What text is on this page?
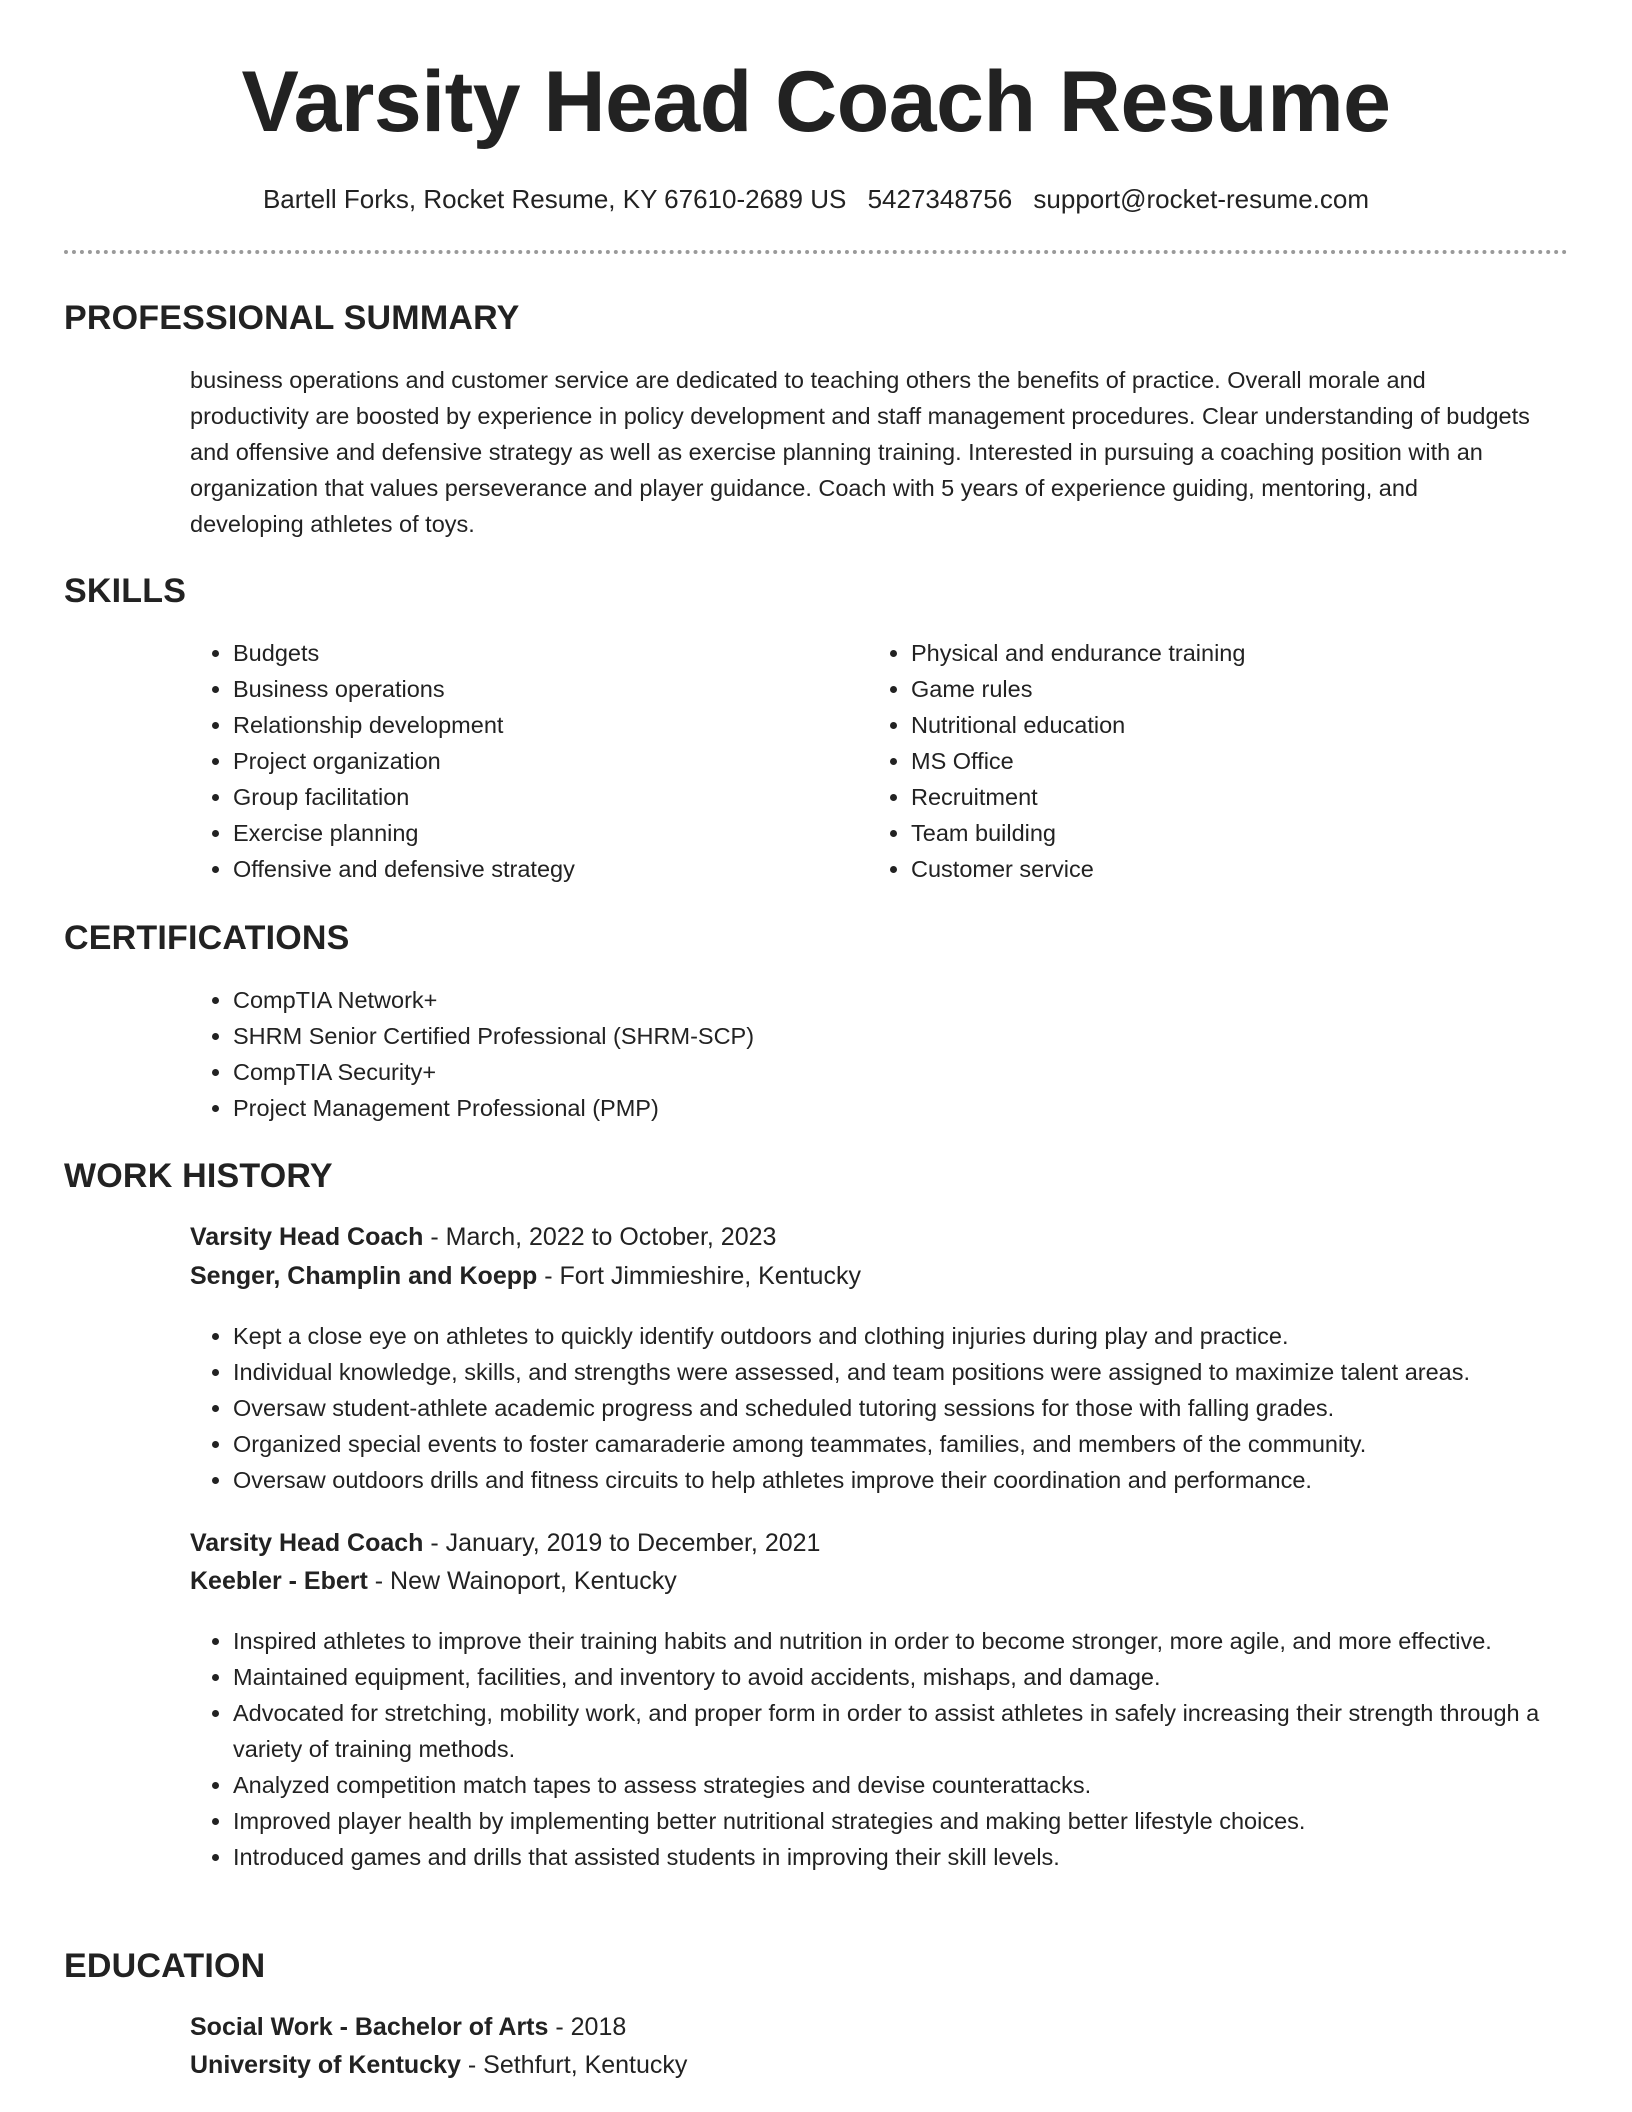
Varsity Head Coach Resume
Bartell Forks, Rocket Resume, KY 67610-2689 US 5427348756 support@rocket-resume.com
PROFESSIONAL SUMMARY

business operations and customer service are dedicated to teaching others the benefits of practice. Overall morale and productivity are boosted by experience in policy development and staff management procedures. Clear understanding of budgets and offensive and defensive strategy as well as exercise planning training. Interested in pursuing a coaching position with an organization that values perseverance and player guidance. Coach with 5 years of experience guiding, mentoring, and developing athletes of toys.

SKILLS
• Budgets
• Business operations
• Relationship development
• Project organization
• Group facilitation
• Exercise planning
• Offensive and defensive strategy
• Physical and endurance training
• Game rules
• Nutritional education
• MS Office
• Recruitment
• Team building
• Customer service
CERTIFICATIONS
• CompTIA Network+
• SHRM Senior Certified Professional (SHRM-SCP)
• CompTIA Security+
• Project Management Professional (PMP)
WORK HISTORY
Varsity Head Coach - March, 2022 to October, 2023
Senger, Champlin and Koepp - Fort Jimmieshire, Kentucky
• Kept a close eye on athletes to quickly identify outdoors and clothing injuries during play and practice.
• Individual knowledge, skills, and strengths were assessed, and team positions were assigned to maximize talent areas.
• Oversaw student-athlete academic progress and scheduled tutoring sessions for those with falling grades.
• Organized special events to foster camaraderie among teammates, families, and members of the community.
• Oversaw outdoors drills and fitness circuits to help athletes improve their coordination and performance.
Varsity Head Coach - January, 2019 to December, 2021
Keebler - Ebert - New Wainoport, Kentucky
• Inspired athletes to improve their training habits and nutrition in order to become stronger, more agile, and more effective.
• Maintained equipment, facilities, and inventory to avoid accidents, mishaps, and damage.
• Advocated for stretching, mobility work, and proper form in order to assist athletes in safely increasing their strength through a variety of training methods.
• Analyzed competition match tapes to assess strategies and devise counterattacks.
• Improved player health by implementing better nutritional strategies and making better lifestyle choices.
• Introduced games and drills that assisted students in improving their skill levels.
EDUCATION
Social Work - Bachelor of Arts - 2018
University of Kentucky - Sethfurt, Kentucky
